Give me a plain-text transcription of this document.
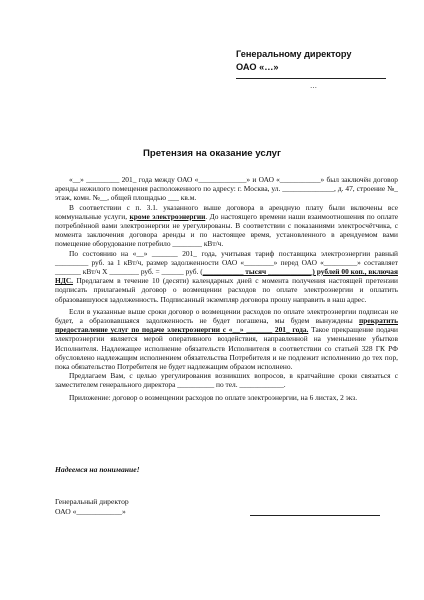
Генеральному директору
ОАО «…»
…
Претензия на оказание услуг

«__» _________ 201_ года между ОАО «_____________» и ОАО «___________» был заключён договор аренды нежилого помещения расположенного по адресу: г. Москва, ул. ______________, д. 47, строение №_ этаж, комн. №__, общей площадью ___ кв.м.

В соответствии с п. 3.1. указанного выше договора в арендную плату были включены все коммунальные услуги, кроме электроэнергии. До настоящего времени наши взаимоотношения по оплате потреблённой вами электроэнергии не урегулированы. В соответствии с показаниями электросчётчика, с момента заключения договора аренды и по настоящее время, установленного в арендуемом вами помещение оборудование потребило ________ кВт/ч.

По состоянию на «__» _______ 201_ года, учитывая тариф поставщика электроэнергии равный _________ руб. за 1 кВт/ч, размер задолженности ОАО «________» перед ОАО «_________» составляет _______ кВт/ч Х ________ руб. = ______ руб. (___________ тысяч ____________) рублей 00 коп., включая НДС. Предлагаем в течение 10 (десяти) календарных дней с момента получения настоящей претензии подписать прилагаемый договор о возмещении расходов по оплате электроэнергии и оплатить образовавшуюся задолженность. Подписанный экземпляр договора прошу направить в наш адрес.

Если в указанные выше сроки договор о возмещении расходов по оплате электроэнергии подписан не будет, а образовавшаяся задолженность не будет погашена, мы будем вынуждены прекратить предоставление услуг по подаче электроэнергии с «__» _______ 201_ года. Такое прекращение подачи электроэнергии является мерой оперативного воздействия, направленной на уменьшение убытков Исполнителя. Надлежащее исполнение обязательств Исполнителя в соответствии со статьей 328 ГК РФ обусловлено надлежащим исполнением обязательства Потребителя и не подлежит исполнению до тех пор, пока обязательство Потребителя не будет надлежащим образом исполнено.

Предлагаем Вам, с целью урегулирования возникших вопросов, в кратчайшие сроки связаться с заместителем генерального директора __________ по тел. ____________.

Приложение: договор о возмещении расходов по оплате электроэнергии, на 6 листах, 2 экз.

Надеемся на понимание!
Генеральный директор
ОАО «____________»
